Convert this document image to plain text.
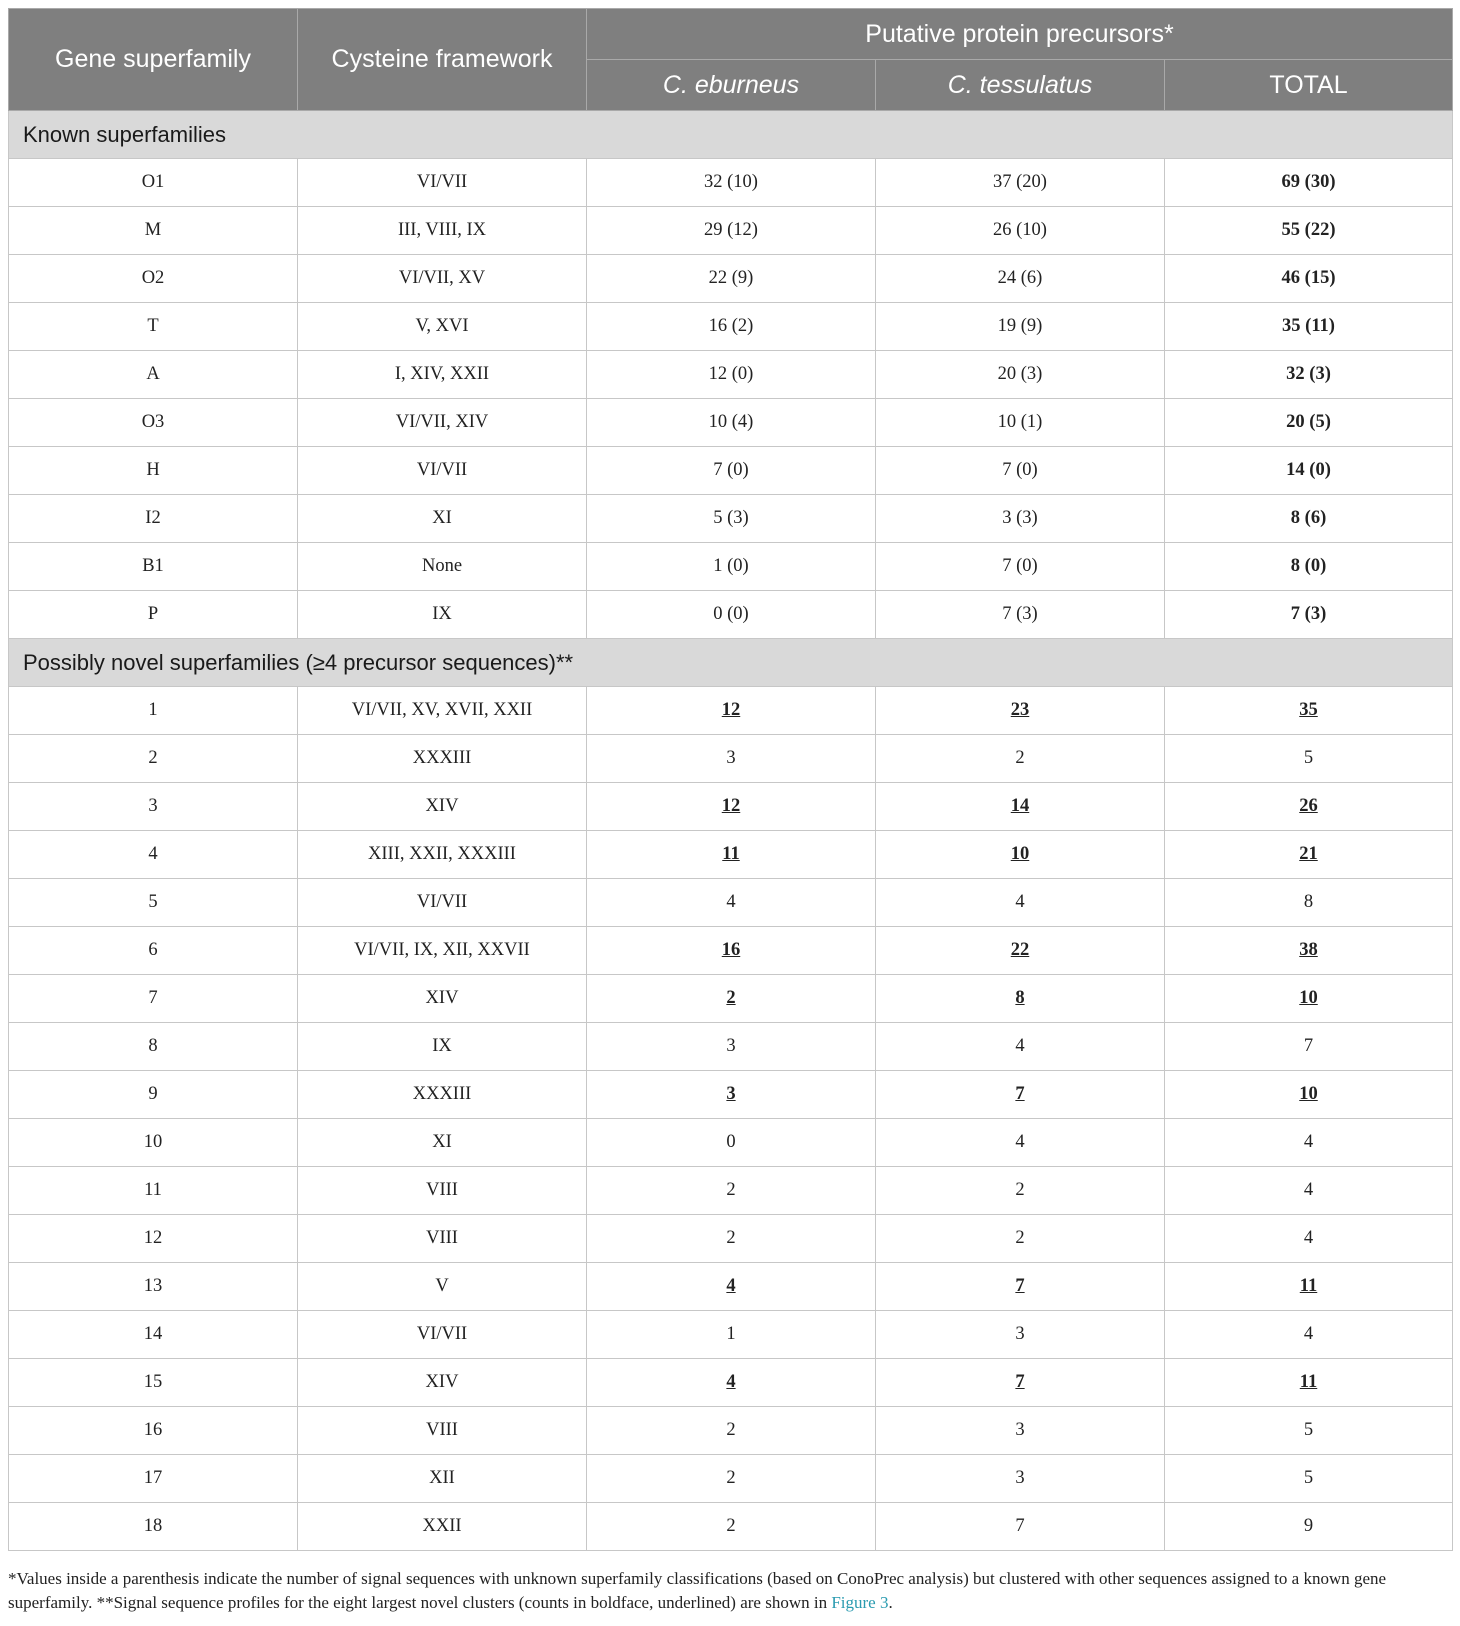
Gene superfamily	Cysteine framework	Putative protein precursors*		
		C. eburneus	C. tessulatus	TOTAL
Known superfamilies				
O1	VI/VII	32 (10)	37 (20)	69 (30)
M	III, VIII, IX	29 (12)	26 (10)	55 (22)
O2	VI/VII, XV	22 (9)	24 (6)	46 (15)
T	V, XVI	16 (2)	19 (9)	35 (11)
A	I, XIV, XXII	12 (0)	20 (3)	32 (3)
O3	VI/VII, XIV	10 (4)	10 (1)	20 (5)
H	VI/VII	7 (0)	7 (0)	14 (0)
I2	XI	5 (3)	3 (3)	8 (6)
B1	None	1 (0)	7 (0)	8 (0)
P	IX	0 (0)	7 (3)	7 (3)
Possibly novel superfamilies (≥4 precursor sequences)**				
1	VI/VII, XV, XVII, XXII	12	23	35
2	XXXIII	3	2	5
3	XIV	12	14	26
4	XIII, XXII, XXXIII	11	10	21
5	VI/VII	4	4	8
6	VI/VII, IX, XII, XXVII	16	22	38
7	XIV	2	8	10
8	IX	3	4	7
9	XXXIII	3	7	10
10	XI	0	4	4
11	VIII	2	2	4
12	VIII	2	2	4
13	V	4	7	11
14	VI/VII	1	3	4
15	XIV	4	7	11
16	VIII	2	3	5
17	XII	2	3	5
18	XXII	2	7	9

*Values inside a parenthesis indicate the number of signal sequences with unknown superfamily classifications (based on ConoPrec analysis) but clustered with other sequences assigned to a known gene superfamily. **Signal sequence profiles for the eight largest novel clusters (counts in boldface, underlined) are shown in Figure 3.
